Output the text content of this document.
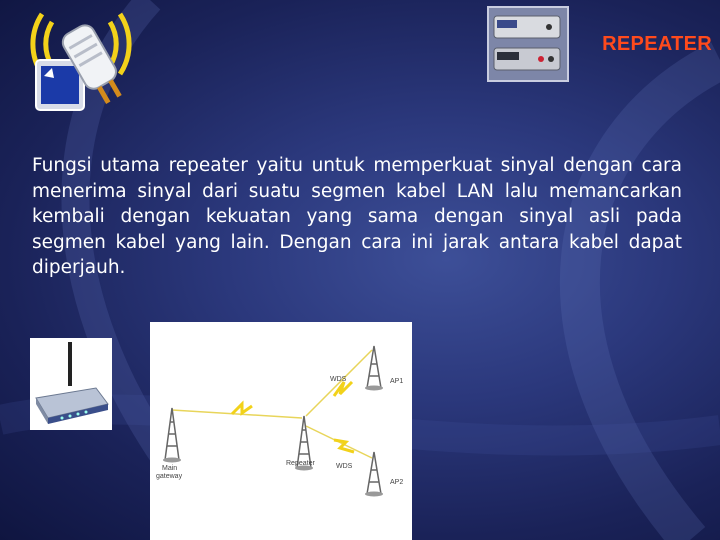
REPEATER
Fungsi utama repeater yaitu untuk memperkuat sinyal dengan cara menerima sinyal dari suatu segmen kabel LAN lalu memancarkan kembali dengan kekuatan yang sama dengan sinyal asli pada segmen kabel yang lain. Dengan cara ini jarak antara kabel dapat diperjauh.
Main
gateway
Repeater
WDS
WDS
AP1
AP2
